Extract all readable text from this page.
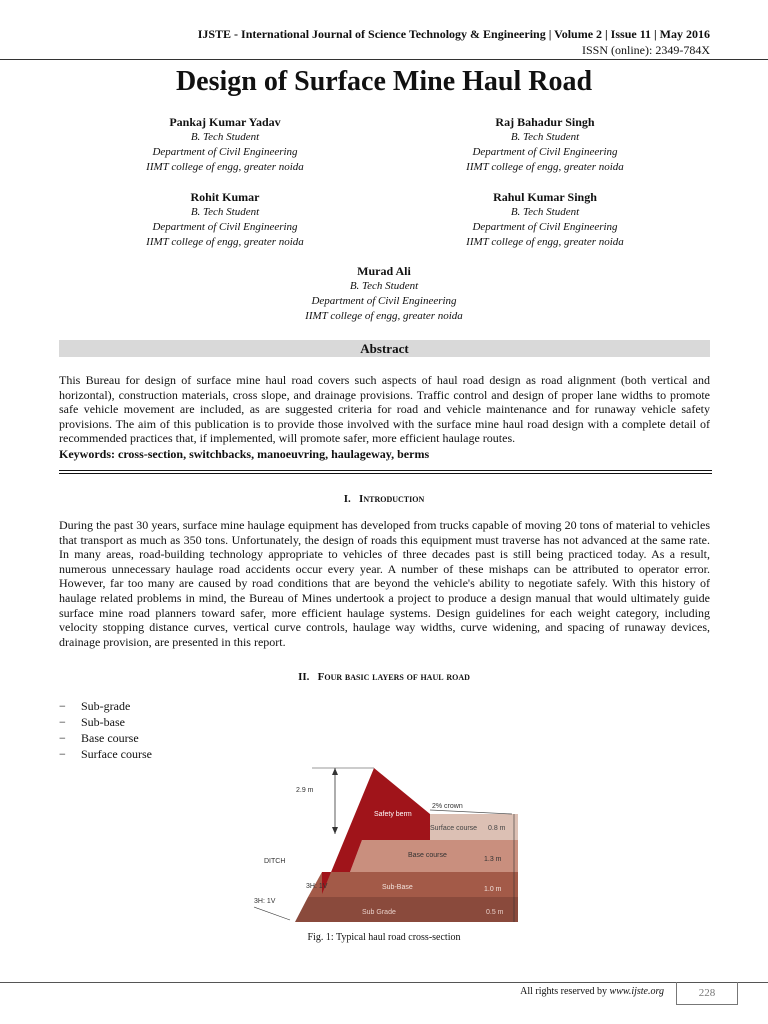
IJSTE - International Journal of Science Technology & Engineering | Volume 2 | Issue 11 | May 2016
ISSN (online): 2349-784X
Design of Surface Mine Haul Road
Pankaj Kumar Yadav
B. Tech Student
Department of Civil Engineering
IIMT college of engg, greater noida
Raj Bahadur Singh
B. Tech Student
Department of Civil Engineering
IIMT college of engg, greater noida
Rohit Kumar
B. Tech Student
Department of Civil Engineering
IIMT college of engg, greater noida
Rahul Kumar Singh
B. Tech Student
Department of Civil Engineering
IIMT college of engg, greater noida
Murad Ali
B. Tech Student
Department of Civil Engineering
IIMT college of engg, greater noida
Abstract
This Bureau for design of surface mine haul road covers such aspects of haul road design as road alignment (both vertical and horizontal), construction materials, cross slope, and drainage provisions. Traffic control and design of proper lane widths to promote safe vehicle movement are included, as are suggested criteria for road and vehicle maintenance and for runaway vehicle safety provisions. The aim of this publication is to provide those involved with the surface mine haul road design with a complete detail of recommended practices that, if implemented, will promote safer, more efficient haulage routes.
Keywords: cross-section, switchbacks, manoeuvring, haulageway, berms
I. Introduction
During the past 30 years, surface mine haulage equipment has developed from trucks capable of moving 20 tons of material to vehicles that transport as much as 350 tons. Unfortunately, the design of roads this equipment must traverse has not advanced at the same rate. In many areas, road-building technology appropriate to vehicles of three decades past is still being practiced today. As a result, numerous unnecessary haulage road accidents occur every year. A number of these mishaps can be attributed to operator error. However, far too many are caused by road conditions that are beyond the vehicle's ability to negotiate safely. With this history of haulage related problems in mind, the Bureau of Mines undertook a project to produce a design manual that would ultimately guide surface mine road planners toward safer, more efficient haulage systems. Design guidelines for each weight category, including velocity stopping distance curves, vertical curve controls, haulage way widths, curve widening, and spacing of runaway devices, drainage provision, are presented in this report.
II. Four basic layers of haul road
− Sub-grade
− Sub-base
− Base course
− Surface course
2.9 m
2% crown
Safety berm
Surface course 0.8 m
Base course
1.3 m
Sub-Base	1.0 m
Sub Grade	0.5 m
DITCH
3H: 1V
3H: 1V
Fig. 1: Typical haul road cross-section
All rights reserved by www.ijste.org	228
